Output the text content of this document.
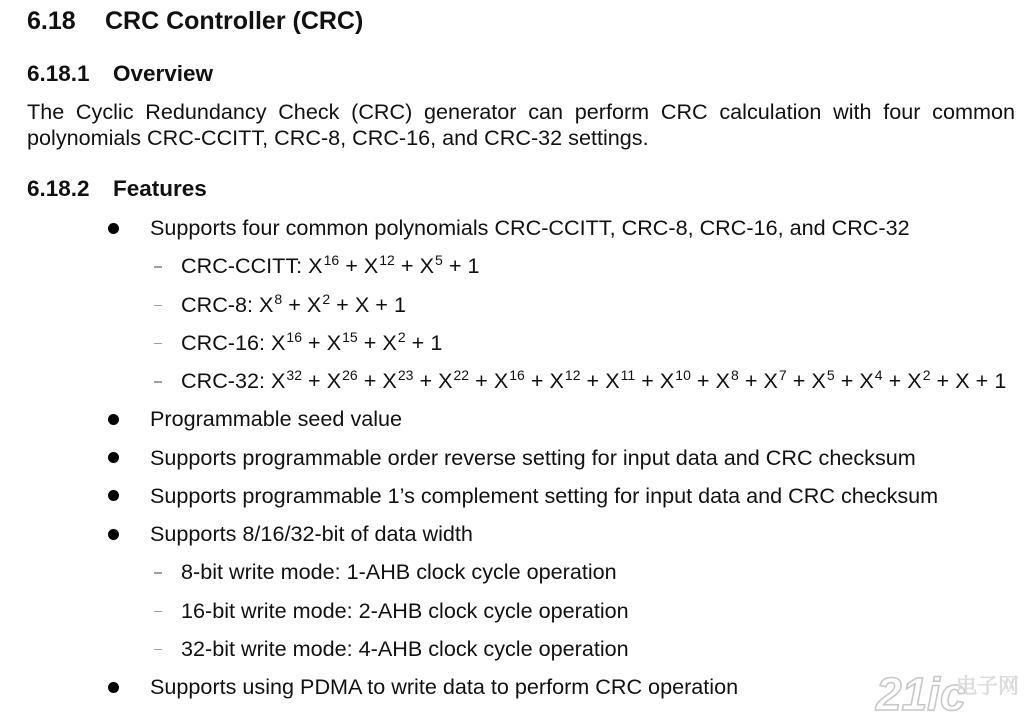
6.18 CRC Controller (CRC)
6.18.1 Overview

The Cyclic Redundancy Check (CRC) generator can perform CRC calculation with four common polynomials CRC-CCITT, CRC-8, CRC-16, and CRC-32 settings.

6.18.2 Features
Supports four common polynomials CRC-CCITT, CRC-8, CRC-16, and CRC-32
CRC-CCITT: $X^{16} + X^{12} + X^5 + 1$
CRC-8: $X^8 + X^2 + X + 1$
CRC-16: $X^{16} + X^{15} + X^2 + 1$
CRC-32: $X^{32} + X^{26} + X^{23} + X^{22} + X^{16} + X^{12} + X^{11} + X^{10} + X^8 + X^7 + X^5 + X^4 + X^2 + X + 1$
Programmable seed value
Supports programmable order reverse setting for input data and CRC checksum
Supports programmable 1’s complement setting for input data and CRC checksum
Supports 8/16/32-bit of data width
8-bit write mode: 1-AHB clock cycle operation
16-bit write mode: 2-AHB clock cycle operation
32-bit write mode: 4-AHB clock cycle operation
Supports using PDMA to write data to perform CRC operation	21ic
电子网
